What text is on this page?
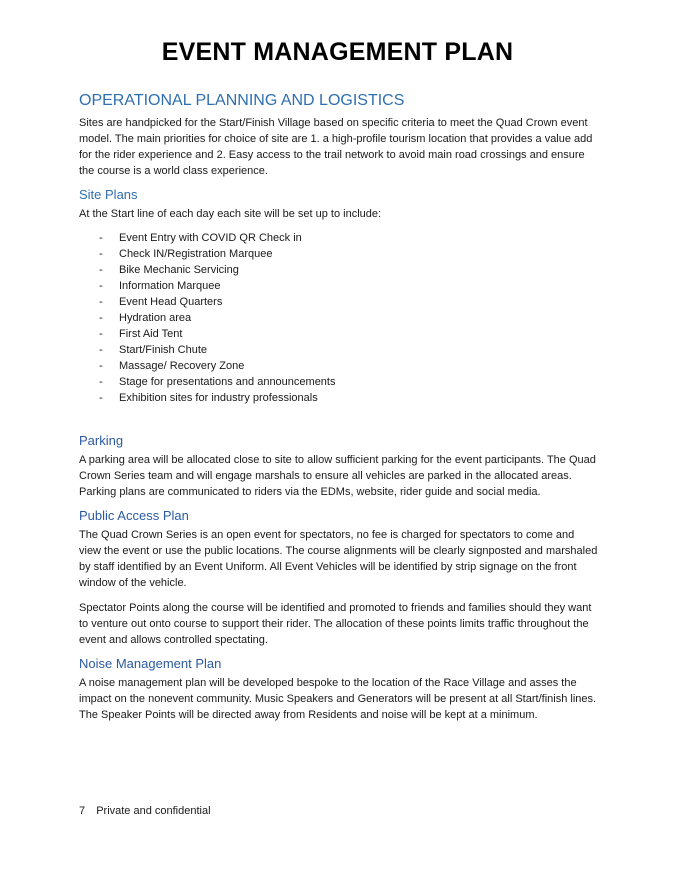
EVENT MANAGEMENT PLAN
OPERATIONAL PLANNING AND LOGISTICS

Sites are handpicked for the Start/Finish Village based on specific criteria to meet the Quad Crown event model. The main priorities for choice of site are 1. a high-profile tourism location that provides a value add for the rider experience and 2. Easy access to the trail network to avoid main road crossings and ensure the course is a world class experience.

Site Plans

At the Start line of each day each site will be set up to include:

- Event Entry with COVID QR Check in
- Check IN/Registration Marquee
- Bike Mechanic Servicing
- Information Marquee
- Event Head Quarters
- Hydration area
- First Aid Tent
- Start/Finish Chute
- Massage/ Recovery Zone
- Stage for presentations and announcements
- Exhibition sites for industry professionals
Parking

A parking area will be allocated close to site to allow sufficient parking for the event participants. The Quad Crown Series team and will engage marshals to ensure all vehicles are parked in the allocated areas. Parking plans are communicated to riders via the EDMs, website, rider guide and social media.

Public Access Plan

The Quad Crown Series is an open event for spectators, no fee is charged for spectators to come and view the event or use the public locations. The course alignments will be clearly signposted and marshaled by staff identified by an Event Uniform. All Event Vehicles will be identified by strip signage on the front window of the vehicle.

Spectator Points along the course will be identified and promoted to friends and families should they want to venture out onto course to support their rider. The allocation of these points limits traffic throughout the event and allows controlled spectating.

Noise Management Plan

A noise management plan will be developed bespoke to the location of the Race Village and asses the impact on the nonevent community. Music Speakers and Generators will be present at all Start/finish lines. The Speaker Points will be directed away from Residents and noise will be kept at a minimum.

7 Private and confidential
